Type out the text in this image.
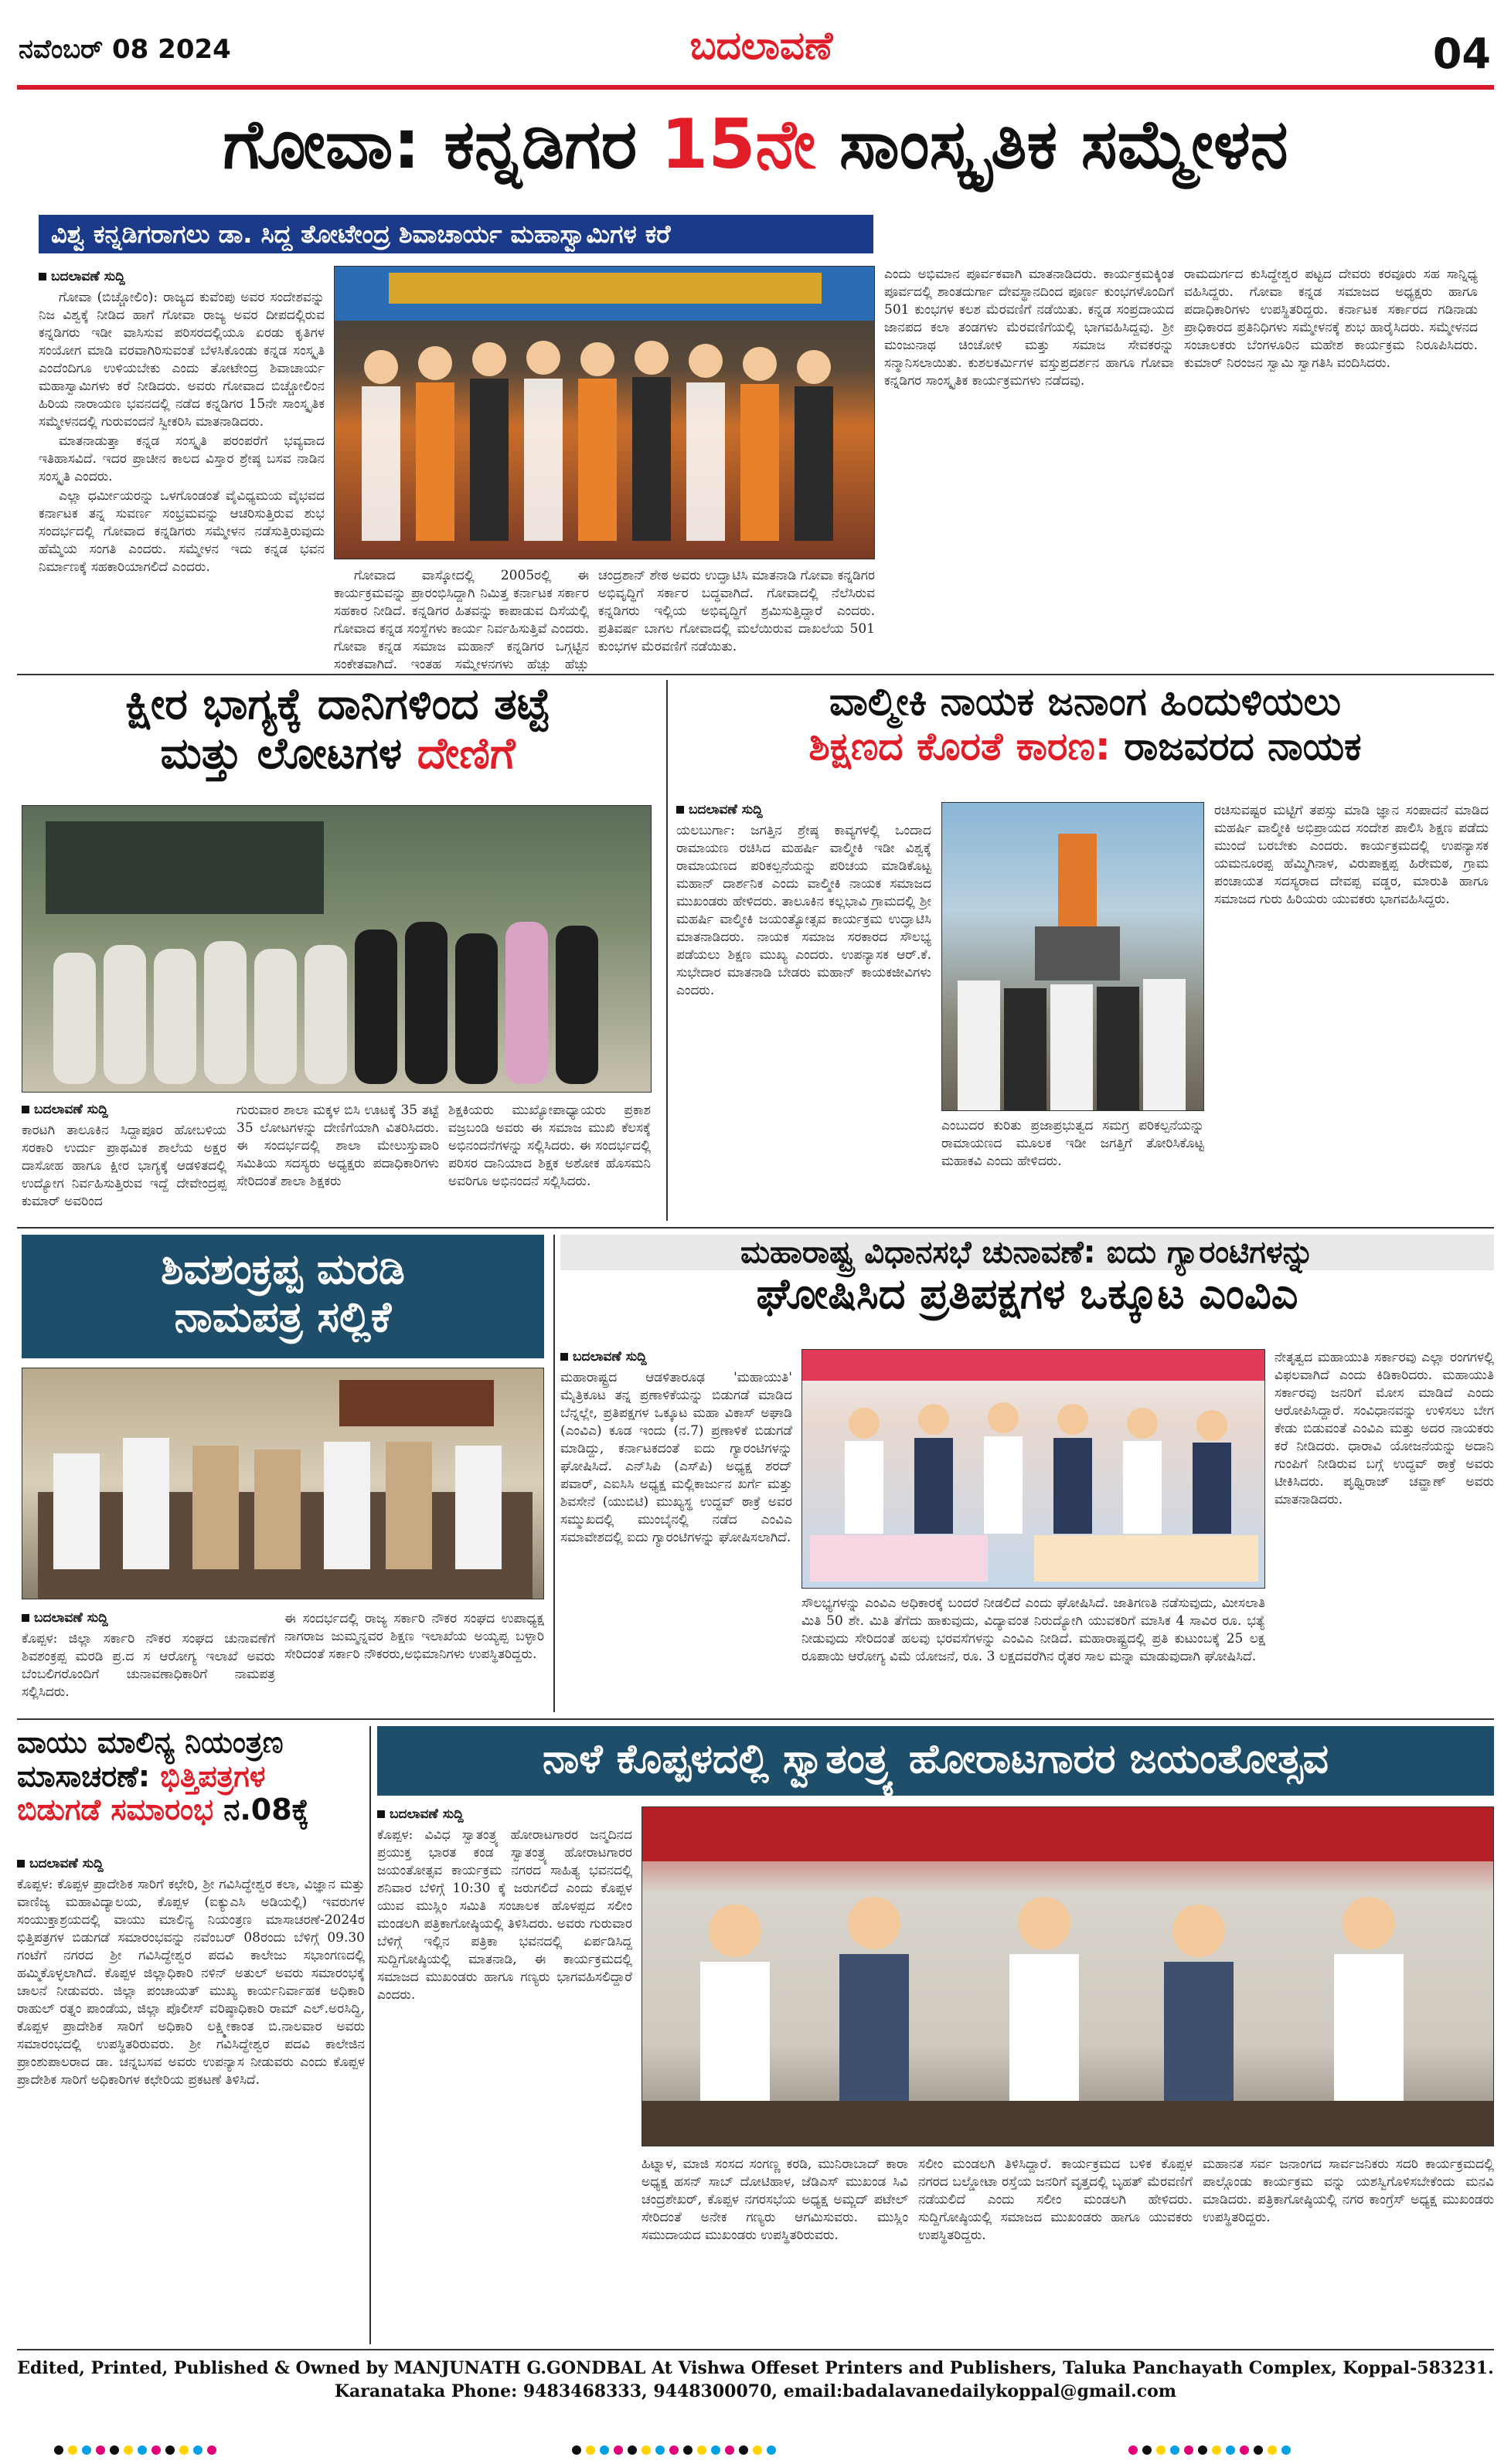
ನವೆಂಬರ್ 08 2024	ಬದಲಾವಣೆ	04
ಗೋವಾ: ಕನ್ನಡಿಗರ 15ನೇ ಸಾಂಸ್ಕೃತಿಕ ಸಮ್ಮೇಳನ
ವಿಶ್ವ ಕನ್ನಡಿಗರಾಗಲು ಡಾ. ಸಿದ್ದ ತೋಟೇಂದ್ರ ಶಿವಾಚಾರ್ಯ ಮಹಾಸ್ವಾಮಿಗಳ ಕರೆ
ಬದಲಾವಣೆ ಸುದ್ದಿ

ಗೋವಾ (ಬಿಚ್ಚೋಲಿಂ): ರಾಜ್ಯದ ಕುವೆಂಪು ಅವರ ಸಂದೇಶವನ್ನು ನಿಜ ವಿಶ್ವಕ್ಕೆ ನೀಡಿದ ಹಾಗೆ ಗೋವಾ ರಾಜ್ಯ ಅವರ ದೀಪದಲ್ಲಿರುವ ಕನ್ನಡಿಗರು ಇಡೀ ವಾಸಿಸುವ ಪರಿಸರದಲ್ಲಿಯೂ ಏರಡು ಕೃತಿಗಳ ಸಂಯೋಗ ಮಾಡಿ ವರವಾಗಿರಿಸುವಂತೆ ಬೆಳಸಿಕೊಂಡು ಕನ್ನಡ ಸಂಸ್ಕೃತಿ ಎಂದೆಂದಿಗೂ ಉಳಿಯಬೇಕು ಎಂದು ತೋಟೇಂದ್ರ ಶಿವಾಚಾರ್ಯ ಮಹಾಸ್ವಾಮಿಗಳು ಕರೆ ನೀಡಿದರು. ಅವರು ಗೋವಾದ ಬಿಚ್ಚೋಲಿಂನ ಹಿರಿಯ ನಾರಾಯಣ ಭವನದಲ್ಲಿ ನಡೆದ ಕನ್ನಡಿಗರ 15ನೇ ಸಾಂಸ್ಕೃತಿಕ ಸಮ್ಮೇಳನದಲ್ಲಿ ಗುರುವಂದನೆ ಸ್ವೀಕರಿಸಿ ಮಾತನಾಡಿದರು.

ಮಾತನಾಡುತ್ತಾ ಕನ್ನಡ ಸಂಸ್ಕೃತಿ ಪರಂಪರೆಗೆ ಭವ್ಯವಾದ ಇತಿಹಾಸವಿದೆ. ಇದರ ಪ್ರಾಚೀನ ಕಾಲದ ವಿಸ್ತಾರ ಶ್ರೇಷ್ಠ ಬಸವ ನಾಡಿನ ಸಂಸ್ಕೃತಿ ಎಂದರು.

ಎಲ್ಲಾ ಧರ್ಮೀಯರನ್ನು ಒಳಗೊಂಡಂತೆ ವೈವಿಧ್ಯಮಯ ವೈಭವದ ಕರ್ನಾಟಕ ತನ್ನ ಸುವರ್ಣ ಸಂಭ್ರಮವನ್ನು ಆಚರಿಸುತ್ತಿರುವ ಶುಭ ಸಂದರ್ಭದಲ್ಲಿ ಗೋವಾದ ಕನ್ನಡಿಗರು ಸಮ್ಮೇಳನ ನಡೆಸುತ್ತಿರುವುದು ಹೆಮ್ಮೆಯ ಸಂಗತಿ ಎಂದರು. ಸಮ್ಮೇಳನ ಇದು ಕನ್ನಡ ಭವನ ನಿರ್ಮಾಣಕ್ಕೆ ಸಹಕಾರಿಯಾಗಲಿದೆ ಎಂದರು.

ಗೋವಾದ ವಾಸ್ಕೋದಲ್ಲಿ 2005ರಲ್ಲಿ ಈ ಕಾರ್ಯಕ್ರಮವನ್ನು ಪ್ರಾರಂಭಿಸಿದ್ದಾಗಿ ನಿಮಿತ್ತ ಕರ್ನಾಟಕ ಸರ್ಕಾರ ಸಹಕಾರ ನೀಡಿದೆ. ಕನ್ನಡಿಗರ ಹಿತವನ್ನು ಕಾಪಾಡುವ ದಿಸೆಯಲ್ಲಿ ಗೋವಾದ ಕನ್ನಡ ಸಂಸ್ಥೆಗಳು ಕಾರ್ಯ ನಿರ್ವಹಿಸುತ್ತಿವೆ ಎಂದರು. ಗೋವಾ ಕನ್ನಡ ಸಮಾಜ ಮಹಾನ್ ಕನ್ನಡಿಗರ ಒಗ್ಗಟ್ಟಿನ ಸಂಕೇತವಾಗಿದೆ. ಇಂತಹ ಸಮ್ಮೇಳನಗಳು ಹೆಚ್ಚು ಹೆಚ್ಚು

ಚಂದ್ರಶಾನ್ ಶೇಠ ಅವರು ಉದ್ಘಾಟಿಸಿ ಮಾತನಾಡಿ ಗೋವಾ ಕನ್ನಡಿಗರ ಅಭಿವೃದ್ಧಿಗೆ ಸರ್ಕಾರ ಬದ್ಧವಾಗಿದೆ. ಗೋವಾದಲ್ಲಿ ನೆಲೆಸಿರುವ ಕನ್ನಡಿಗರು ಇಲ್ಲಿಯ ಅಭಿವೃದ್ಧಿಗೆ ಶ್ರಮಿಸುತ್ತಿದ್ದಾರೆ ಎಂದರು. ಪ್ರತಿವರ್ಷ ಬಾಗಲ ಗೋವಾದಲ್ಲಿ ಮಲೆಯಿರುವ ದಾಖಲೆಯ 501 ಕುಂಭಗಳ ಮೆರವಣಿಗೆ ನಡೆಯಿತು.

ಎಂದು ಅಭಿಮಾನ ಪೂರ್ವಕವಾಗಿ ಮಾತನಾಡಿದರು. ಕಾರ್ಯಕ್ರಮಕ್ಕಿಂತ ಪೂರ್ವದಲ್ಲಿ ಶಾಂತದುರ್ಗಾ ದೇವಸ್ಥಾನದಿಂದ ಪೂರ್ಣ ಕುಂಭಗಳೊಂದಿಗೆ 501 ಕುಂಭಗಳ ಕಲಶ ಮೆರವಣಿಗೆ ನಡೆಯಿತು. ಕನ್ನಡ ಸಂಪ್ರದಾಯದ ಜಾನಪದ ಕಲಾ ತಂಡಗಳು ಮೆರವಣಿಗೆಯಲ್ಲಿ ಭಾಗವಹಿಸಿದ್ದವು. ಶ್ರೀ ಮಂಜುನಾಥ ಚಿಂಚೋಳಿ ಮತ್ತು ಸಮಾಜ ಸೇವಕರನ್ನು ಸನ್ಮಾನಿಸಲಾಯಿತು. ಕುಶಲಕರ್ಮಿಗಳ ವಸ್ತುಪ್ರದರ್ಶನ ಹಾಗೂ ಗೋವಾ ಕನ್ನಡಿಗರ ಸಾಂಸ್ಕೃತಿಕ ಕಾರ್ಯಕ್ರಮಗಳು ನಡೆದವು.

ರಾಮದುರ್ಗದ ಕುಸಿದ್ಧೇಶ್ವರ ಪಟ್ಟದ ದೇವರು ಕರವೂರು ಸಹ ಸಾನ್ನಿಧ್ಯ ವಹಿಸಿದ್ದರು. ಗೋವಾ ಕನ್ನಡ ಸಮಾಜದ ಅಧ್ಯಕ್ಷರು ಹಾಗೂ ಪದಾಧಿಕಾರಿಗಳು ಉಪಸ್ಥಿತರಿದ್ದರು. ಕರ್ನಾಟಕ ಸರ್ಕಾರದ ಗಡಿನಾಡು ಪ್ರಾಧಿಕಾರದ ಪ್ರತಿನಿಧಿಗಳು ಸಮ್ಮೇಳನಕ್ಕೆ ಶುಭ ಹಾರೈಸಿದರು. ಸಮ್ಮೇಳನದ ಸಂಚಾಲಕರು ಬೆಂಗಳೂರಿನ ಮಹೇಶ ಕಾರ್ಯಕ್ರಮ ನಿರೂಪಿಸಿದರು. ಕುಮಾರ್ ನಿರಂಜನ ಸ್ವಾಮಿ ಸ್ವಾಗತಿಸಿ ವಂದಿಸಿದರು.

ಕ್ಷೀರ ಭಾಗ್ಯಕ್ಕೆ ದಾನಿಗಳಿಂದ ತಟ್ಟೆ
ಮತ್ತು ಲೋಟಗಳ ದೇಣಿಗೆ
ಬದಲಾವಣೆ ಸುದ್ದಿ

ಕಾರಟಗಿ ತಾಲೂಕಿನ ಸಿದ್ದಾಪೂರ ಹೋಬಳಿಯ ಸರಕಾರಿ ಉರ್ದು ಪ್ರಾಥಮಿಕ ಶಾಲೆಯ ಅಕ್ಷರ ದಾಸೋಹ ಹಾಗೂ ಕ್ಷೀರ ಭಾಗ್ಯಕ್ಕೆ ಆಡಳಿತದಲ್ಲಿ ಉದ್ಯೋಗ ನಿರ್ವಹಿಸುತ್ತಿರುವ ಇದ್ದೆ ದೇವೇಂದ್ರಪ್ಪ ಕುಮಾರ್ ಅವರಿಂದ

ಗುರುವಾರ ಶಾಲಾ ಮಕ್ಕಳ ಬಿಸಿ ಊಟಕ್ಕೆ 35 ತಟ್ಟೆ 35 ಲೋಟಗಳನ್ನು ದೇಣಿಗೆಯಾಗಿ ವಿತರಿಸಿದರು. ಈ ಸಂದರ್ಭದಲ್ಲಿ ಶಾಲಾ ಮೇಲುಸ್ತುವಾರಿ ಸಮಿತಿಯ ಸದಸ್ಯರು ಅಧ್ಯಕ್ಷರು ಪದಾಧಿಕಾರಿಗಳು ಸೇರಿದಂತೆ ಶಾಲಾ ಶಿಕ್ಷಕರು

ಶಿಕ್ಷಕಿಯರು ಮುಖ್ಯೋಪಾಧ್ಯಾಯರು ಪ್ರಕಾಶ ವಜ್ರಬಂಡಿ ಅವರು ಈ ಸಮಾಜ ಮುಖಿ ಕೆಲಸಕ್ಕೆ ಅಭಿನಂದನೆಗಳನ್ನು ಸಲ್ಲಿಸಿದರು. ಈ ಸಂದರ್ಭದಲ್ಲಿ ಪರಿಸರ ದಾನಿಯಾದ ಶಿಕ್ಷಕ ಅಶೋಕ ಹೊಸಮನಿ ಅವರಿಗೂ ಅಭಿನಂದನೆ ಸಲ್ಲಿಸಿದರು.

ವಾಲ್ಮೀಕಿ ನಾಯಕ ಜನಾಂಗ ಹಿಂದುಳಿಯಲು
ಶಿಕ್ಷಣದ ಕೊರತೆ ಕಾರಣ: ರಾಜವರದ ನಾಯಕ
ಬದಲಾವಣೆ ಸುದ್ದಿ

ಯಲಬುರ್ಗಾ: ಜಗತ್ತಿನ ಶ್ರೇಷ್ಠ ಕಾವ್ಯಗಳಲ್ಲಿ ಒಂದಾದ ರಾಮಾಯಣ ರಚಿಸಿದ ಮಹರ್ಷಿ ವಾಲ್ಮೀಕಿ ಇಡೀ ವಿಶ್ವಕ್ಕೆ ರಾಮಾಯಣದ ಪರಿಕಲ್ಪನೆಯನ್ನು ಪರಿಚಯ ಮಾಡಿಕೊಟ್ಟ ಮಹಾನ್ ದಾರ್ಶನಿಕ ಎಂದು ವಾಲ್ಮೀಕಿ ನಾಯಕ ಸಮಾಜದ ಮುಖಂಡರು ಹೇಳಿದರು. ತಾಲೂಕಿನ ಕಲ್ಲಭಾವಿ ಗ್ರಾಮದಲ್ಲಿ ಶ್ರೀ ಮಹರ್ಷಿ ವಾಲ್ಮೀಕಿ ಜಯಂತ್ಯೋತ್ಸವ ಕಾರ್ಯಕ್ರಮ ಉದ್ಘಾಟಿಸಿ ಮಾತನಾಡಿದರು. ನಾಯಕ ಸಮಾಜ ಸರಕಾರದ ಸೌಲಭ್ಯ ಪಡೆಯಲು ಶಿಕ್ಷಣ ಮುಖ್ಯ ಎಂದರು. ಉಪನ್ಯಾಸಕ ಆರ್.ಕೆ. ಸುಭೇದಾರ ಮಾತನಾಡಿ ಬೇಡರು ಮಹಾನ್ ಕಾಯಕಜೀವಿಗಳು ಎಂದರು.

ಎಂಬುದರ ಕುರಿತು ಪ್ರಜಾಪ್ರಭುತ್ವದ ಸಮಗ್ರ ಪರಿಕಲ್ಪನೆಯನ್ನು ರಾಮಾಯಣದ ಮೂಲಕ ಇಡೀ ಜಗತ್ತಿಗೆ ತೋರಿಸಿಕೊಟ್ಟ ಮಹಾಕವಿ ಎಂದು ಹೇಳಿದರು.

ರಚಿಸುವಷ್ಟರ ಮಟ್ಟಿಗೆ ತಪಸ್ಸು ಮಾಡಿ ಜ್ಞಾನ ಸಂಪಾದನೆ ಮಾಡಿದ ಮಹರ್ಷಿ ವಾಲ್ಮೀಕಿ ಅಭಿಪ್ರಾಯದ ಸಂದೇಶ ಪಾಲಿಸಿ ಶಿಕ್ಷಣ ಪಡೆದು ಮುಂದೆ ಬರಬೇಕು ಎಂದರು. ಕಾರ್ಯಕ್ರಮದಲ್ಲಿ ಉಪನ್ಯಾಸಕ ಯಮನೂರಪ್ಪ ಹೆಮ್ಮಿಗಿನಾಳ, ವಿರುಪಾಕ್ಷಪ್ಪ ಹಿರೇಮಠ, ಗ್ರಾಮ ಪಂಚಾಯತ ಸದಸ್ಯರಾದ ದೇವಪ್ಪ ವಡ್ಡರ, ಮಾರುತಿ ಹಾಗೂ ಸಮಾಜದ ಗುರು ಹಿರಿಯರು ಯುವಕರು ಭಾಗವಹಿಸಿದ್ದರು.

ಶಿವಶಂಕ್ರಪ್ಪ ಮರಡಿ
ನಾಮಪತ್ರ ಸಲ್ಲಿಕೆ
ಬದಲಾವಣೆ ಸುದ್ದಿ

ಕೊಪ್ಪಳ: ಜಿಲ್ಲಾ ಸರ್ಕಾರಿ ನೌಕರ ಸಂಘದ ಚುನಾವಣೆಗೆ ಶಿವಶಂಕ್ರಪ್ಪ ಮರಡಿ ಪ್ರ.ದ ಸ ಆರೋಗ್ಯ ಇಲಾಖೆ ಅವರು ಬೆಂಬಲಿಗರೊಂದಿಗೆ ಚುನಾವಣಾಧಿಕಾರಿಗೆ ನಾಮಪತ್ರ ಸಲ್ಲಿಸಿದರು.

ಈ ಸಂದರ್ಭದಲ್ಲಿ ರಾಜ್ಯ ಸರ್ಕಾರಿ ನೌಕರ ಸಂಘದ ಉಪಾಧ್ಯಕ್ಷ ನಾಗರಾಜ ಜುಮ್ಮನ್ನವರ ಶಿಕ್ಷಣ ಇಲಾಖೆಯ ಅಯ್ಯಪ್ಪ ಬಳ್ಳಾರಿ ಸೇರಿದಂತೆ ಸರ್ಕಾರಿ ನೌಕರರು,ಅಭಿಮಾನಿಗಳು ಉಪಸ್ಥಿತರಿದ್ದರು.

ಮಹಾರಾಷ್ಟ್ರ ವಿಧಾನಸಭೆ ಚುನಾವಣೆ: ಐದು ಗ್ಯಾರಂಟಿಗಳನ್ನು
ಘೋಷಿಸಿದ ಪ್ರತಿಪಕ್ಷಗಳ ಒಕ್ಕೂಟ ಎಂವಿಎ
ಬದಲಾವಣೆ ಸುದ್ದಿ

ಮಹಾರಾಷ್ಟ್ರದ ಆಡಳಿತಾರೂಢ 'ಮಹಾಯುತಿ' ಮೈತ್ರಿಕೂಟ ತನ್ನ ಪ್ರಣಾಳಿಕೆಯನ್ನು ಬಿಡುಗಡೆ ಮಾಡಿದ ಬೆನ್ನಲ್ಲೇ, ಪ್ರತಿಪಕ್ಷಗಳ ಒಕ್ಕೂಟ ಮಹಾ ವಿಕಾಸ್ ಅಘಾಡಿ (ಎಂವಿಎ) ಕೂಡ ಇಂದು (ನ.7) ಪ್ರಣಾಳಿಕೆ ಬಿಡುಗಡೆ ಮಾಡಿದ್ದು, ಕರ್ನಾಟಕದಂತೆ ಐದು ಗ್ಯಾರಂಟಿಗಳನ್ನು ಘೋಷಿಸಿದೆ. ಎನ್‌ಸಿಪಿ (ಎಸ್‌ಪಿ) ಅಧ್ಯಕ್ಷ ಶರದ್ ಪವಾರ್, ಎಐಸಿಸಿ ಅಧ್ಯಕ್ಷ ಮಲ್ಲಿಕಾರ್ಜುನ ಖರ್ಗೆ ಮತ್ತು ಶಿವಸೇನೆ (ಯುಬಿಟಿ) ಮುಖ್ಯಸ್ಥ ಉದ್ಧವ್ ಠಾಕ್ರೆ ಅವರ ಸಮ್ಮುಖದಲ್ಲಿ ಮುಂಬೈನಲ್ಲಿ ನಡೆದ ಎಂವಿಎ ಸಮಾವೇಶದಲ್ಲಿ ಐದು ಗ್ಯಾರಂಟಿಗಳನ್ನು ಘೋಷಿಸಲಾಗಿದೆ.

ಸೌಲಭ್ಯಗಳನ್ನು ಎಂವಿಎ ಅಧಿಕಾರಕ್ಕೆ ಬಂದರೆ ನೀಡಲಿದೆ ಎಂದು ಘೋಷಿಸಿದೆ. ಜಾತಿಗಣತಿ ನಡೆಸುವುದು, ಮೀಸಲಾತಿ ಮಿತಿ 50 ಶೇ. ಮಿತಿ ತೆಗೆದು ಹಾಕುವುದು, ವಿದ್ಯಾವಂತ ನಿರುದ್ಯೋಗಿ ಯುವಕರಿಗೆ ಮಾಸಿಕ 4 ಸಾವಿರ ರೂ. ಭತ್ಯೆ ನೀಡುವುದು ಸೇರಿದಂತೆ ಹಲವು ಭರವಸೆಗಳನ್ನು ಎಂವಿಎ ನೀಡಿದೆ. ಮಹಾರಾಷ್ಟ್ರದಲ್ಲಿ ಪ್ರತಿ ಕುಟುಂಬಕ್ಕೆ 25 ಲಕ್ಷ ರೂಪಾಯಿ ಆರೋಗ್ಯ ವಿಮೆ ಯೋಜನೆ, ರೂ. 3 ಲಕ್ಷದವರೆಗಿನ ರೈತರ ಸಾಲ ಮನ್ನಾ ಮಾಡುವುದಾಗಿ ಘೋಷಿಸಿದೆ.

ನೇತೃತ್ವದ ಮಹಾಯುತಿ ಸರ್ಕಾರವು ಎಲ್ಲಾ ರಂಗಗಳಲ್ಲಿ ವಿಫಲವಾಗಿದೆ ಎಂದು ಕಿಡಿಕಾರಿದರು. ಮಹಾಯುತಿ ಸರ್ಕಾರವು ಜನರಿಗೆ ಮೋಸ ಮಾಡಿದೆ ಎಂದು ಆರೋಪಿಸಿದ್ದಾರೆ. ಸಂವಿಧಾನವನ್ನು ಉಳಿಸಲು ಬೇಗ ಕೇಡು ಬಿಡುವಂತೆ ಎಂವಿಎ ಮತ್ತು ಅದರ ನಾಯಕರು ಕರೆ ನೀಡಿದರು. ಧಾರಾವಿ ಯೋಜನೆಯನ್ನು ಅದಾನಿ ಗುಂಪಿಗೆ ನೀಡಿರುವ ಬಗ್ಗೆ ಉದ್ಧವ್ ಠಾಕ್ರೆ ಅವರು ಟೀಕಿಸಿದರು. ಪೃಥ್ವಿರಾಜ್ ಚವ್ಹಾಣ್ ಅವರು ಮಾತನಾಡಿದರು.

ವಾಯು ಮಾಲಿನ್ಯ ನಿಯಂತ್ರಣ
ಮಾಸಾಚರಣೆ: ಭಿತ್ತಿಪತ್ರಗಳ
ಬಿಡುಗಡೆ ಸಮಾರಂಭ ನ.08ಕ್ಕೆ
ಬದಲಾವಣೆ ಸುದ್ದಿ

ಕೊಪ್ಪಳ: ಕೊಪ್ಪಳ ಪ್ರಾದೇಶಿಕ ಸಾರಿಗೆ ಕಛೇರಿ, ಶ್ರೀ ಗವಿಸಿದ್ಧೇಶ್ವರ ಕಲಾ, ವಿಜ್ಞಾನ ಮತ್ತು ವಾಣಿಜ್ಯ ಮಹಾವಿದ್ಯಾಲಯ, ಕೊಪ್ಪಳ (ಐಕ್ಯುಎಸಿ ಅಡಿಯಲ್ಲಿ) ಇವರುಗಳ ಸಂಯುಕ್ತಾಶ್ರಯದಲ್ಲಿ ವಾಯು ಮಾಲಿನ್ಯ ನಿಯಂತ್ರಣ ಮಾಸಾಚರಣೆ-2024ರ ಭಿತ್ತಿಪತ್ರಗಳ ಬಿಡುಗಡೆ ಸಮಾರಂಭವನ್ನು ನವೆಂಬರ್ 08ರಂದು ಬೆಳಿಗ್ಗೆ 09.30 ಗಂಟೆಗೆ ನಗರದ ಶ್ರೀ ಗವಿಸಿದ್ಧೇಶ್ವರ ಪದವಿ ಕಾಲೇಜು ಸಭಾಂಗಣದಲ್ಲಿ ಹಮ್ಮಿಕೊಳ್ಳಲಾಗಿದೆ. ಕೊಪ್ಪಳ ಜಿಲ್ಲಾಧಿಕಾರಿ ನಳಿನ್ ಅತುಲ್ ಅವರು ಸಮಾರಂಭಕ್ಕೆ ಚಾಲನೆ ನೀಡುವರು. ಜಿಲ್ಲಾ ಪಂಚಾಯತ್ ಮುಖ್ಯ ಕಾರ್ಯನಿರ್ವಾಹಕ ಅಧಿಕಾರಿ ರಾಹುಲ್ ರತ್ನಂ ಪಾಂಡೆಯ, ಜಿಲ್ಲಾ ಪೊಲೀಸ್ ವರಿಷ್ಠಾಧಿಕಾರಿ ರಾಮ್ ಎಲ್.ಅರಸಿದ್ಧಿ, ಕೊಪ್ಪಳ ಪ್ರಾದೇಶಿಕ ಸಾರಿಗೆ ಅಧಿಕಾರಿ ಲಕ್ಷ್ಮೀಕಾಂತ ಬಿ.ನಾಲವಾರ ಅವರು ಸಮಾರಂಭದಲ್ಲಿ ಉಪಸ್ಥಿತರಿರುವರು. ಶ್ರೀ ಗವಿಸಿದ್ಧೇಶ್ವರ ಪದವಿ ಕಾಲೇಜಿನ ಪ್ರಾಂಶುಪಾಲರಾದ ಡಾ. ಚನ್ನಬಸವ ಅವರು ಉಪನ್ಯಾಸ ನೀಡುವರು ಎಂದು ಕೊಪ್ಪಳ ಪ್ರಾದೇಶಿಕ ಸಾರಿಗೆ ಅಧಿಕಾರಿಗಳ ಕಛೇರಿಯ ಪ್ರಕಟಣೆ ತಿಳಿಸಿದೆ.

ನಾಳೆ ಕೊಪ್ಪಳದಲ್ಲಿ ಸ್ವಾತಂತ್ರ್ಯ ಹೋರಾಟಗಾರರ ಜಯಂತೋತ್ಸವ
ಬದಲಾವಣೆ ಸುದ್ದಿ

ಕೊಪ್ಪಳ: ವಿವಿಧ ಸ್ವಾತಂತ್ರ್ಯ ಹೋರಾಟಗಾರರ ಜನ್ಮದಿನದ ಪ್ರಯುಕ್ತ ಭಾರತ ಕಂಡ ಸ್ವಾತಂತ್ರ್ಯ ಹೋರಾಟಗಾರರ ಜಯಂತೋತ್ಸವ ಕಾರ್ಯಕ್ರಮ ನಗರದ ಸಾಹಿತ್ಯ ಭವನದಲ್ಲಿ ಶನಿವಾರ ಬೆಳಿಗ್ಗೆ 10:30 ಕ್ಕೆ ಜರುಗಲಿದೆ ಎಂದು ಕೊಪ್ಪಳ ಯುವ ಮುಸ್ಲಿಂ ಸಮಿತಿ ಸಂಚಾಲಕ ಹೊಳಪ್ಪದ ಸಲೀಂ ಮಂಡಲಗಿ ಪತ್ರಿಕಾಗೋಷ್ಠಿಯಲ್ಲಿ ತಿಳಿಸಿದರು. ಅವರು ಗುರುವಾರ ಬೆಳಿಗ್ಗೆ ಇಲ್ಲಿನ ಪತ್ರಿಕಾ ಭವನದಲ್ಲಿ ಏರ್ಪಡಿಸಿದ್ದ ಸುದ್ದಿಗೋಷ್ಠಿಯಲ್ಲಿ ಮಾತನಾಡಿ, ಈ ಕಾರ್ಯಕ್ರಮದಲ್ಲಿ ಸಮಾಜದ ಮುಖಂಡರು ಹಾಗೂ ಗಣ್ಯರು ಭಾಗವಹಿಸಲಿದ್ದಾರೆ ಎಂದರು.

ಹಿಟ್ನಾಳ, ಮಾಜಿ ಸಂಸದ ಸಂಗಣ್ಣ ಕರಡಿ, ಮುನಿರಾಬಾದ್ ಕಾರಾ ಅಧ್ಯಕ್ಷ ಹಸನ್ ಸಾಬ್ ದೋಟಿಹಾಳ, ಜೆಡಿಎಸ್ ಮುಖಂಡ ಸಿವಿ ಚಂದ್ರಶೇಖರ್, ಕೊಪ್ಪಳ ನಗರಸಭೆಯ ಅಧ್ಯಕ್ಷ ಅಮ್ಜದ್ ಪಟೇಲ್ ಸೇರಿದಂತೆ ಅನೇಕ ಗಣ್ಯರು ಆಗಮಿಸುವರು. ಮುಸ್ಲಿಂ ಸಮುದಾಯದ ಮುಖಂಡರು ಉಪಸ್ಥಿತರಿರುವರು.

ಸಲೀಂ ಮಂಡಲಗಿ ತಿಳಿಸಿದ್ದಾರೆ. ಕಾರ್ಯಕ್ರಮದ ಬಳಿಕ ಕೊಪ್ಪಳ ನಗರದ ಬಲ್ಡೋಟಾ ರಸ್ತೆಯ ಜನರಿಗೆ ವೃತ್ತದಲ್ಲಿ ಬೃಹತ್ ಮೆರವಣಿಗೆ ನಡೆಯಲಿದೆ ಎಂದು ಸಲೀಂ ಮಂಡಲಗಿ ಹೇಳಿದರು. ಸುದ್ದಿಗೋಷ್ಠಿಯಲ್ಲಿ ಸಮಾಜದ ಮುಖಂಡರು ಹಾಗೂ ಯುವಕರು ಉಪಸ್ಥಿತರಿದ್ದರು.

ಮಹಾನತ ಸರ್ವ ಜನಾಂಗದ ಸಾರ್ವಜನಿಕರು ಸದರಿ ಕಾರ್ಯಕ್ರಮದಲ್ಲಿ ಪಾಲ್ಗೊಂಡು ಕಾರ್ಯಕ್ರಮ ವನ್ನು ಯಶಸ್ವಿಗೊಳಿಸಬೇಕೆಂದು ಮನವಿ ಮಾಡಿದರು. ಪತ್ರಿಕಾಗೋಷ್ಠಿಯಲ್ಲಿ ನಗರ ಕಾಂಗ್ರೆಸ್ ಅಧ್ಯಕ್ಷ ಮುಖಂಡರು ಉಪಸ್ಥಿತರಿದ್ದರು.

Edited, Printed, Published & Owned by MANJUNATH G.GONDBAL At Vishwa Offeset Printers and Publishers, Taluka Panchayath Complex, Koppal-583231.
Karanataka Phone: 9483468333, 9448300070, email:badalavanedailykoppal@gmail.com
